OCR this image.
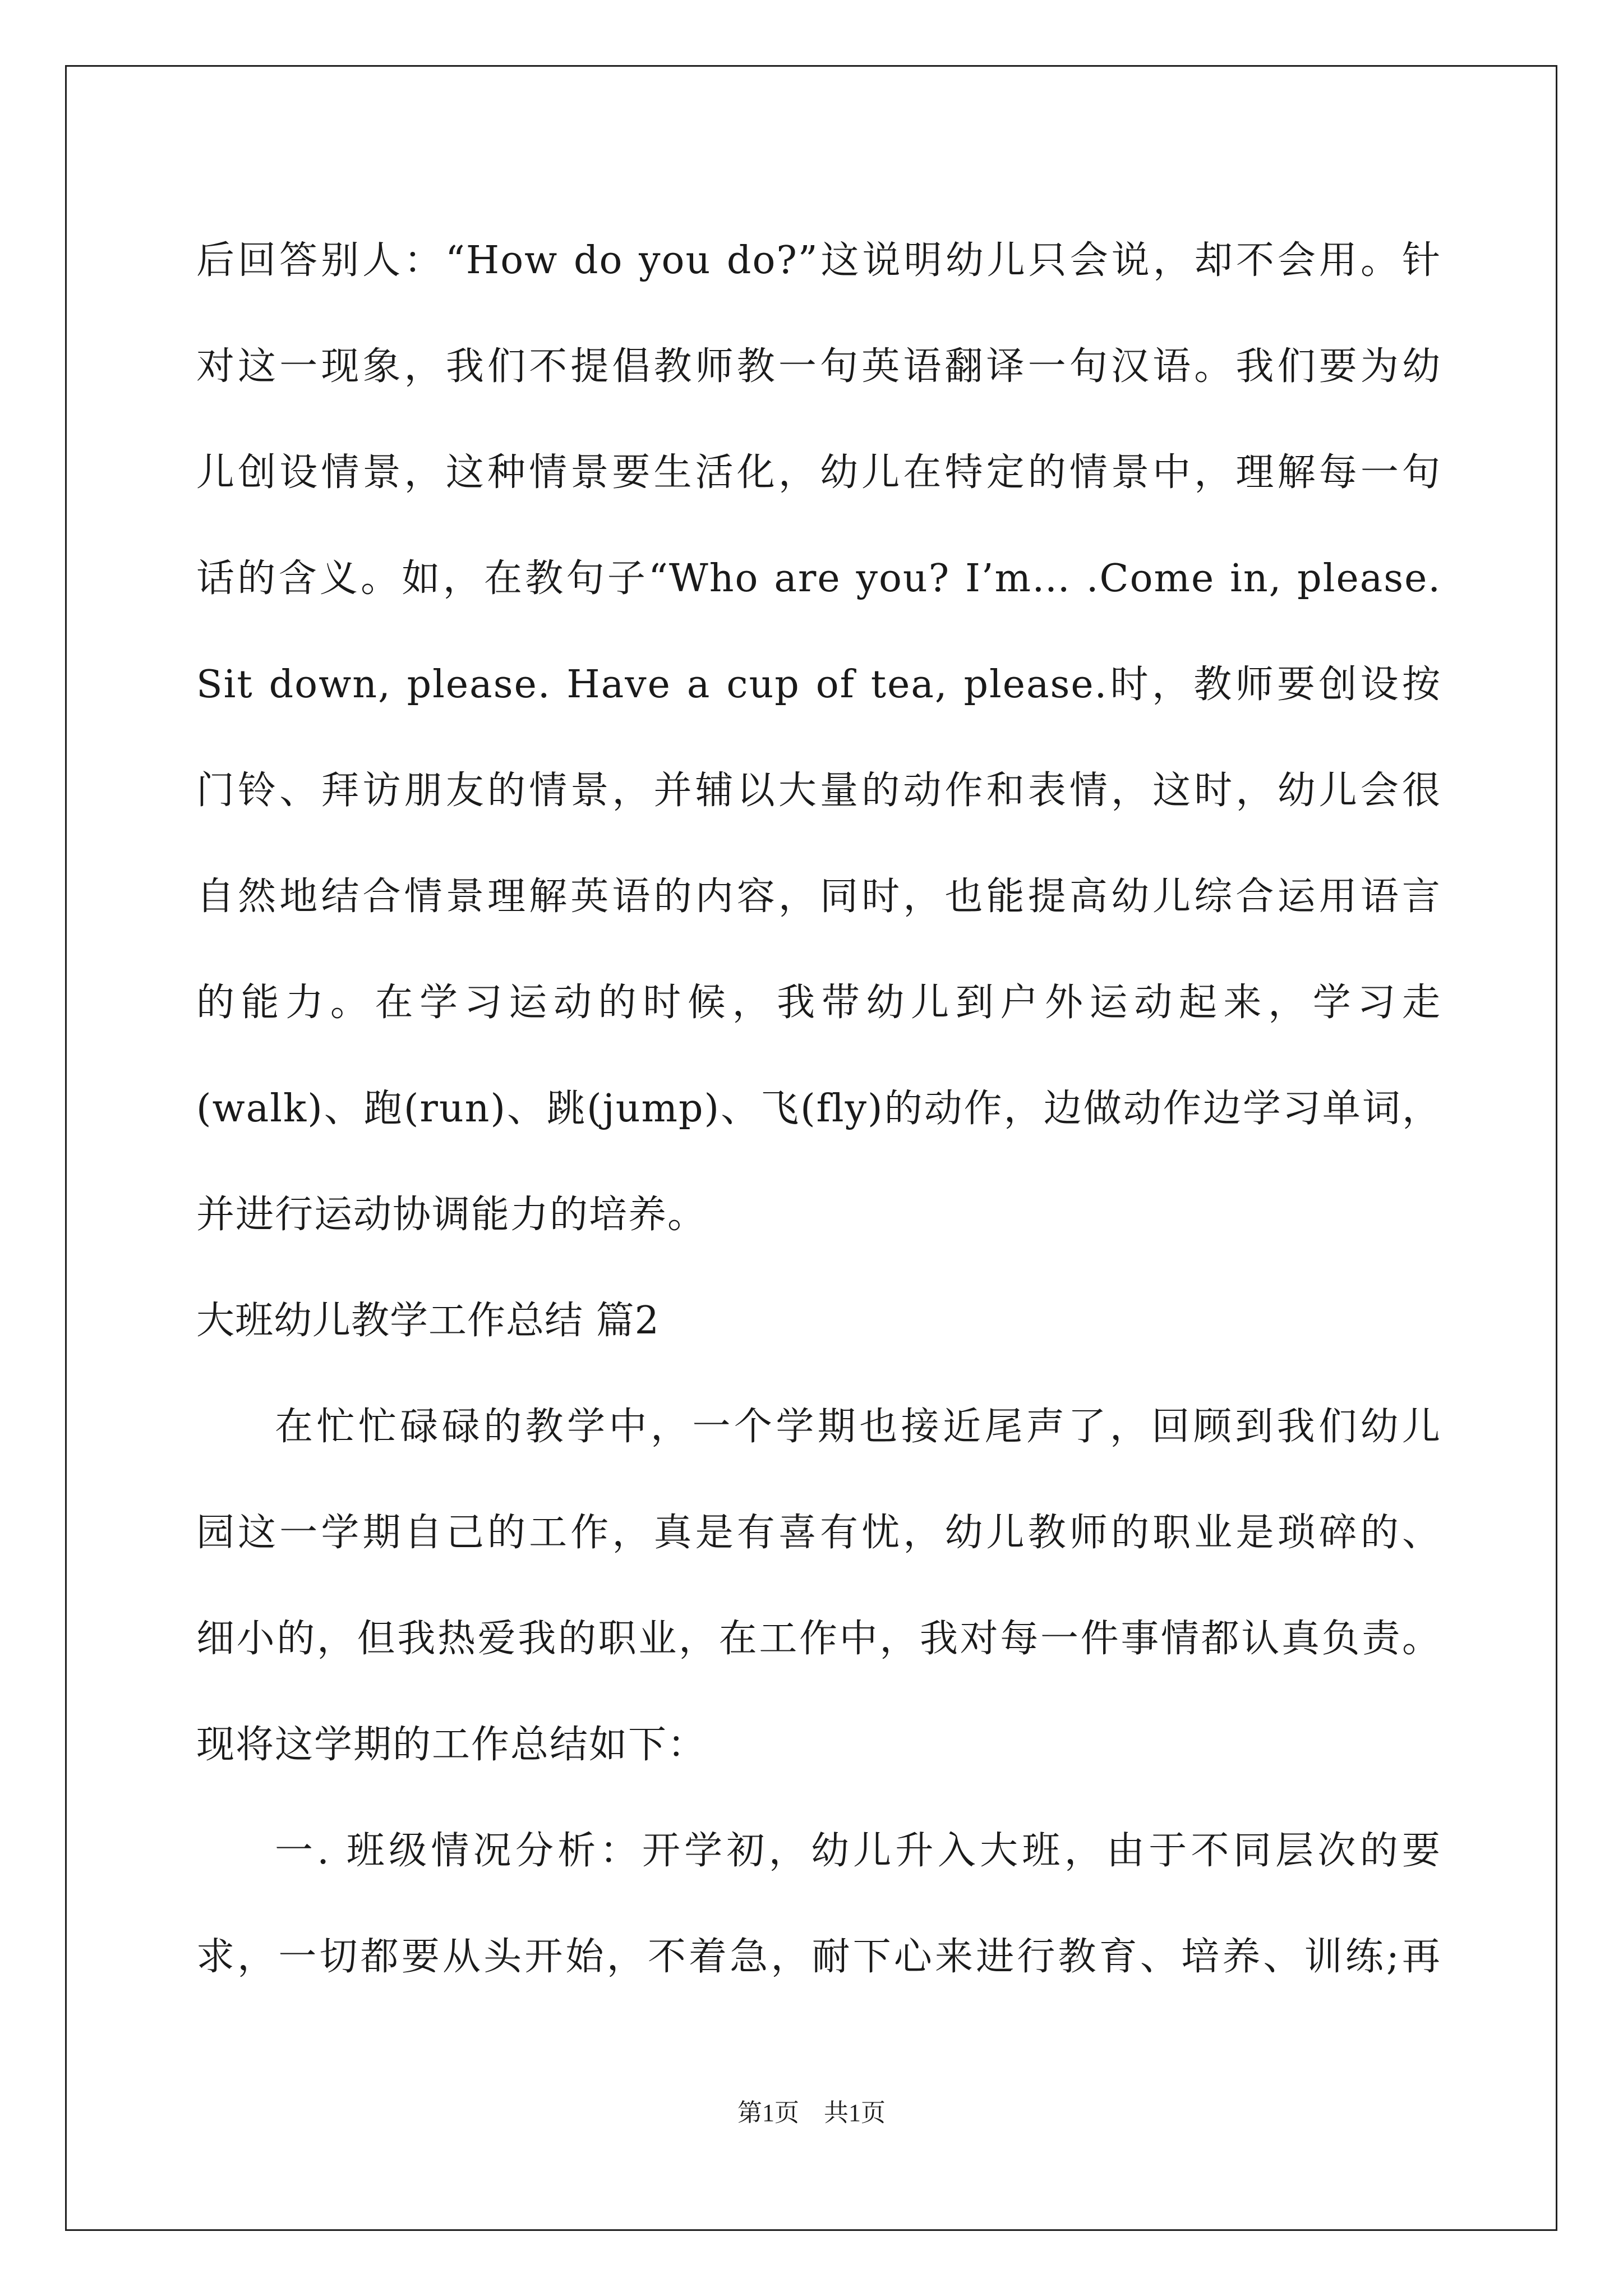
后回答别人：“How do you do?”这说明幼儿只会说，却不会用。针
对这一现象，我们不提倡教师教一句英语翻译一句汉语。我们要为幼
儿创设情景，这种情景要生活化，幼儿在特定的情景中，理解每一句
话的含义。如，在教句子“Who are you? I’m… .Come in, please.
Sit down, please. Have a cup of tea, please.时，教师要创设按
门铃、拜访朋友的情景，并辅以大量的动作和表情，这时，幼儿会很
自然地结合情景理解英语的内容，同时，也能提高幼儿综合运用语言
的能力。在学习运动的时候，我带幼儿到户外运动起来，学习走
(walk)、跑(run)、跳(jump)、飞(fly)的动作，边做动作边学习单词，
并进行运动协调能力的培养。
大班幼儿教学工作总结 篇2
在忙忙碌碌的教学中，一个学期也接近尾声了，回顾到我们幼儿
园这一学期自己的工作，真是有喜有忧，幼儿教师的职业是琐碎的、
细小的，但我热爱我的职业，在工作中，我对每一件事情都认真负责。
现将这学期的工作总结如下：
一. 班级情况分析：开学初，幼儿升入大班，由于不同层次的要
求，一切都要从头开始，不着急，耐下心来进行教育、培养、训练;再
第1页　共1页
